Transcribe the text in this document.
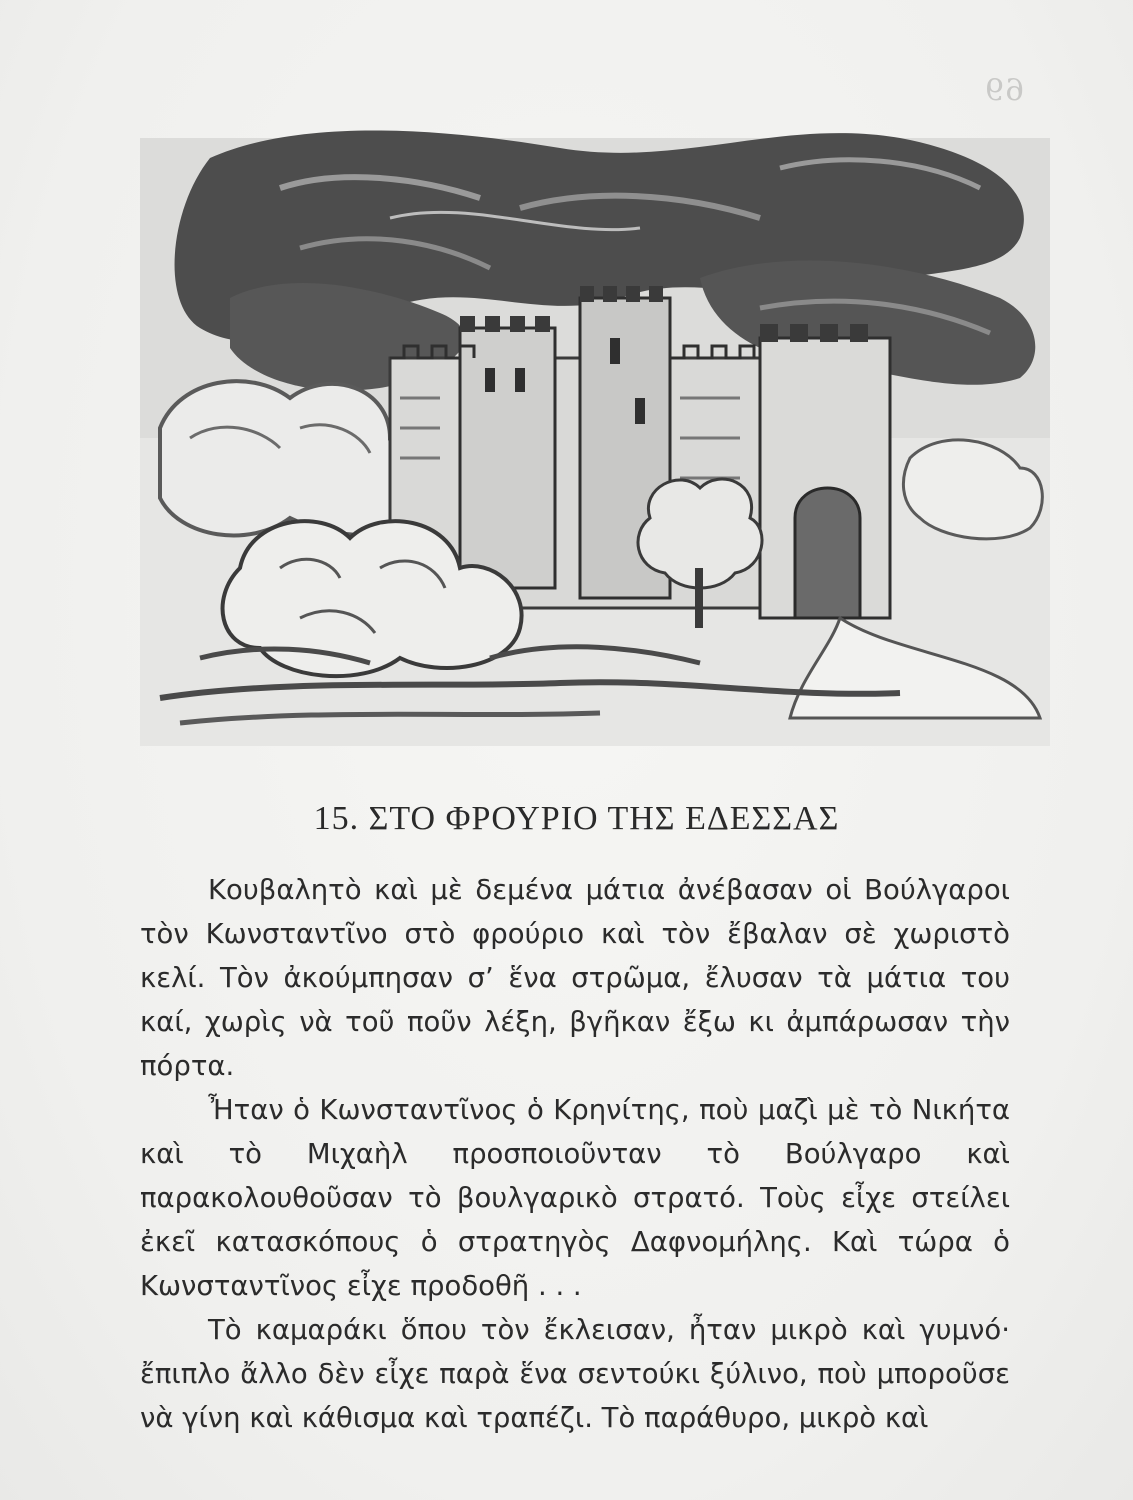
69
15. ΣΤΟ ΦΡΟΥΡΙΟ ΤΗΣ ΕΔΕΣΣΑΣ

Κουβαλητὸ καὶ μὲ δεμένα μάτια ἀνέβασαν οἱ Βούλγαροι τὸν Κωνσταντῖνο στὸ φρούριο καὶ τὸν ἔβαλαν σὲ χωριστὸ κελί. Τὸν ἀκούμπησαν σ’ ἕνα στρῶμα, ἔλυσαν τὰ μάτια του καί, χωρὶς νὰ τοῦ ποῦν λέξη, βγῆκαν ἔξω κι ἀμπάρωσαν τὴν πόρτα.

Ἦταν ὁ Κωνσταντῖνος ὁ Κρηνίτης, ποὺ μαζὶ μὲ τὸ Νικήτα καὶ τὸ Μιχαὴλ προσποιοῦνταν τὸ Βούλγαρο καὶ παρακολουθοῦσαν τὸ βουλγαρικὸ στρατό. Τοὺς εἶχε στείλει ἐκεῖ κατασκόπους ὁ στρατηγὸς Δαφνομήλης. Καὶ τώρα ὁ Κωνσταντῖνος εἶχε προδοθῆ . . .

Τὸ καμαράκι ὅπου τὸν ἔκλεισαν, ἦταν μικρὸ καὶ γυμνό· ἔπιπλο ἄλλο δὲν εἶχε παρὰ ἕνα σεντούκι ξύλινο, ποὺ μποροῦσε νὰ γίνη καὶ κάθισμα καὶ τραπέζι. Τὸ παράθυρο, μικρὸ καὶ
